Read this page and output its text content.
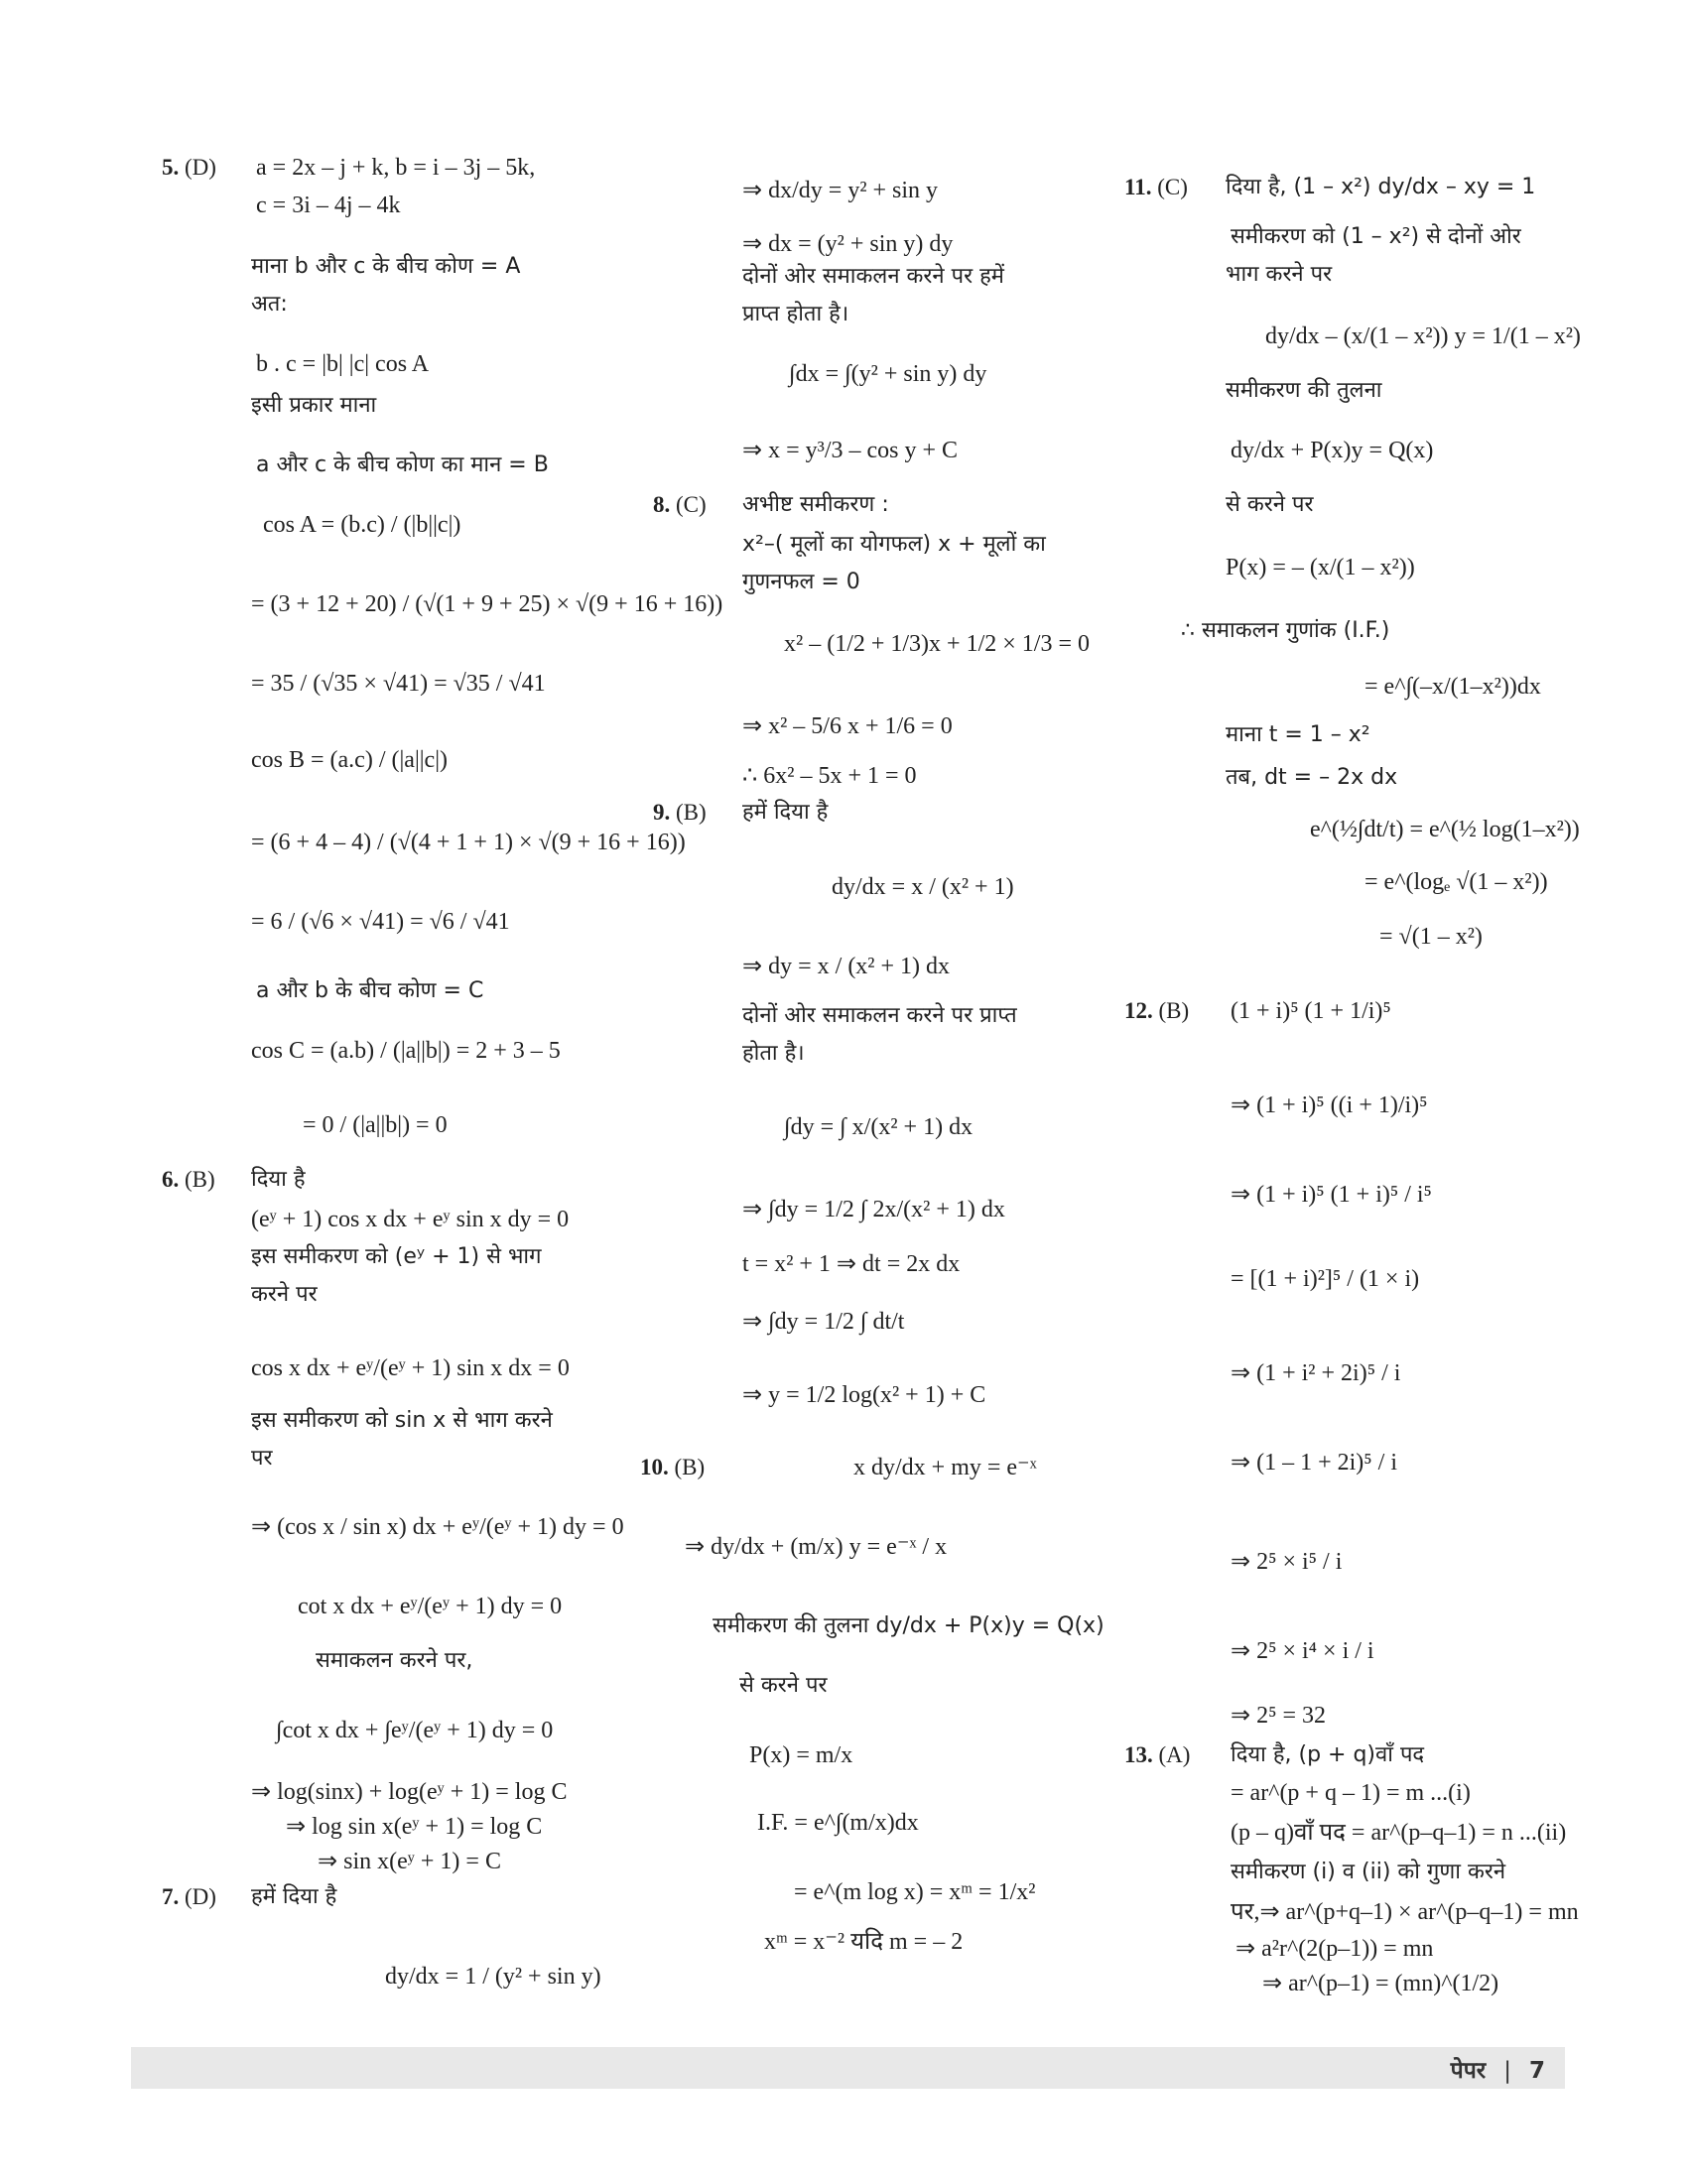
5. (D) a = 2x – j + k, b = i – 3j – 5k,
c = 3i – 4j – 4k
माना b और c के बीच कोण = A
अत:
b . c = |b| |c| cos A
इसी प्रकार माना
a और c के बीच कोण का मान = B
cos A = (b.c) / (|b||c|)
= (3 + 12 + 20) / (√(1 + 9 + 25) × √(9 + 16 + 16))
= 35 / (√35 × √41) = √35 / √41
cos B = (a.c) / (|a||c|)
= (6 + 4 – 4) / (√(4 + 1 + 1) × √(9 + 16 + 16))
= 6 / (√6 × √41) = √6 / √41
a और b के बीच कोण = C
cos C = (a.b) / (|a||b|) = 2 + 3 – 5
= 0 / (|a||b|) = 0
6. (B) दिया है
(eʸ + 1) cos x dx + eʸ sin x dy = 0
इस समीकरण को (eʸ + 1) से भाग
करने पर
cos x dx + eʸ/(eʸ + 1) sin x dx = 0
इस समीकरण को sin x से भाग करने
पर
⇒ (cos x / sin x) dx + eʸ/(eʸ + 1) dy = 0
cot x dx + eʸ/(eʸ + 1) dy = 0
समाकलन करने पर,
∫cot x dx + ∫eʸ/(eʸ + 1) dy = 0
⇒ log(sinx) + log(eʸ + 1) = log C
⇒ log sin x(eʸ + 1) = log C
⇒ sin x(eʸ + 1) = C
7. (D) हमें दिया है
dy/dx = 1 / (y² + sin y)
⇒ dx/dy = y² + sin y
⇒ dx = (y² + sin y) dy
दोनों ओर समाकलन करने पर हमें
प्राप्त होता है।
∫dx = ∫(y² + sin y) dy
⇒ x = y³/3 – cos y + C
8. (C) अभीष्ट समीकरण :
x²–( मूलों का योगफल) x + मूलों का
गुणनफल = 0
x² – (1/2 + 1/3)x + 1/2 × 1/3 = 0
⇒ x² – 5/6 x + 1/6 = 0
∴ 6x² – 5x + 1 = 0
9. (B) हमें दिया है
dy/dx = x / (x² + 1)
⇒ dy = x / (x² + 1) dx
दोनों ओर समाकलन करने पर प्राप्त
होता है।
∫dy = ∫ x/(x² + 1) dx
⇒ ∫dy = 1/2 ∫ 2x/(x² + 1) dx
t = x² + 1 ⇒ dt = 2x dx
⇒ ∫dy = 1/2 ∫ dt/t
⇒ y = 1/2 log(x² + 1) + C
10. (B)	x dy/dx + my = e⁻ˣ
⇒ dy/dx + (m/x) y = e⁻ˣ / x
समीकरण की तुलना dy/dx + P(x)y = Q(x)
से करने पर
P(x) = m/x
I.F. = e^∫(m/x)dx
= e^(m log x) = xᵐ = 1/x²
xᵐ = x⁻² यदि m = – 2
11. (C) दिया है, (1 – x²) dy/dx – xy = 1
समीकरण को (1 – x²) से दोनों ओर
भाग करने पर
dy/dx – (x/(1 – x²)) y = 1/(1 – x²)
समीकरण की तुलना
dy/dx + P(x)y = Q(x)
से करने पर
P(x) = – (x/(1 – x²))
∴ समाकलन गुणांक (I.F.)
= e^∫(–x/(1–x²))dx
माना t = 1 – x²
तब, dt = – 2x dx
e^(½∫dt/t) = e^(½ log(1–x²))
= e^(logₑ √(1 – x²))
= √(1 – x²)
12. (B) (1 + i)⁵ (1 + 1/i)⁵
⇒ (1 + i)⁵ ((i + 1)/i)⁵
⇒ (1 + i)⁵ (1 + i)⁵ / i⁵
= [(1 + i)²]⁵ / (1 × i)
⇒ (1 + i² + 2i)⁵ / i
⇒ (1 – 1 + 2i)⁵ / i
⇒ 2⁵ × i⁵ / i
⇒ 2⁵ × i⁴ × i / i
⇒ 2⁵ = 32
13. (A) दिया है, (p + q)वाँ पद
= ar^(p + q – 1) = m ...(i)
(p – q)वाँ पद = ar^(p–q–1) = n ...(ii)
समीकरण (i) व (ii) को गुणा करने
पर,⇒ ar^(p+q–1) × ar^(p–q–1) = mn
⇒ a²r^(2(p–1)) = mn
⇒ ar^(p–1) = (mn)^(1/2)
पेपर | 7
